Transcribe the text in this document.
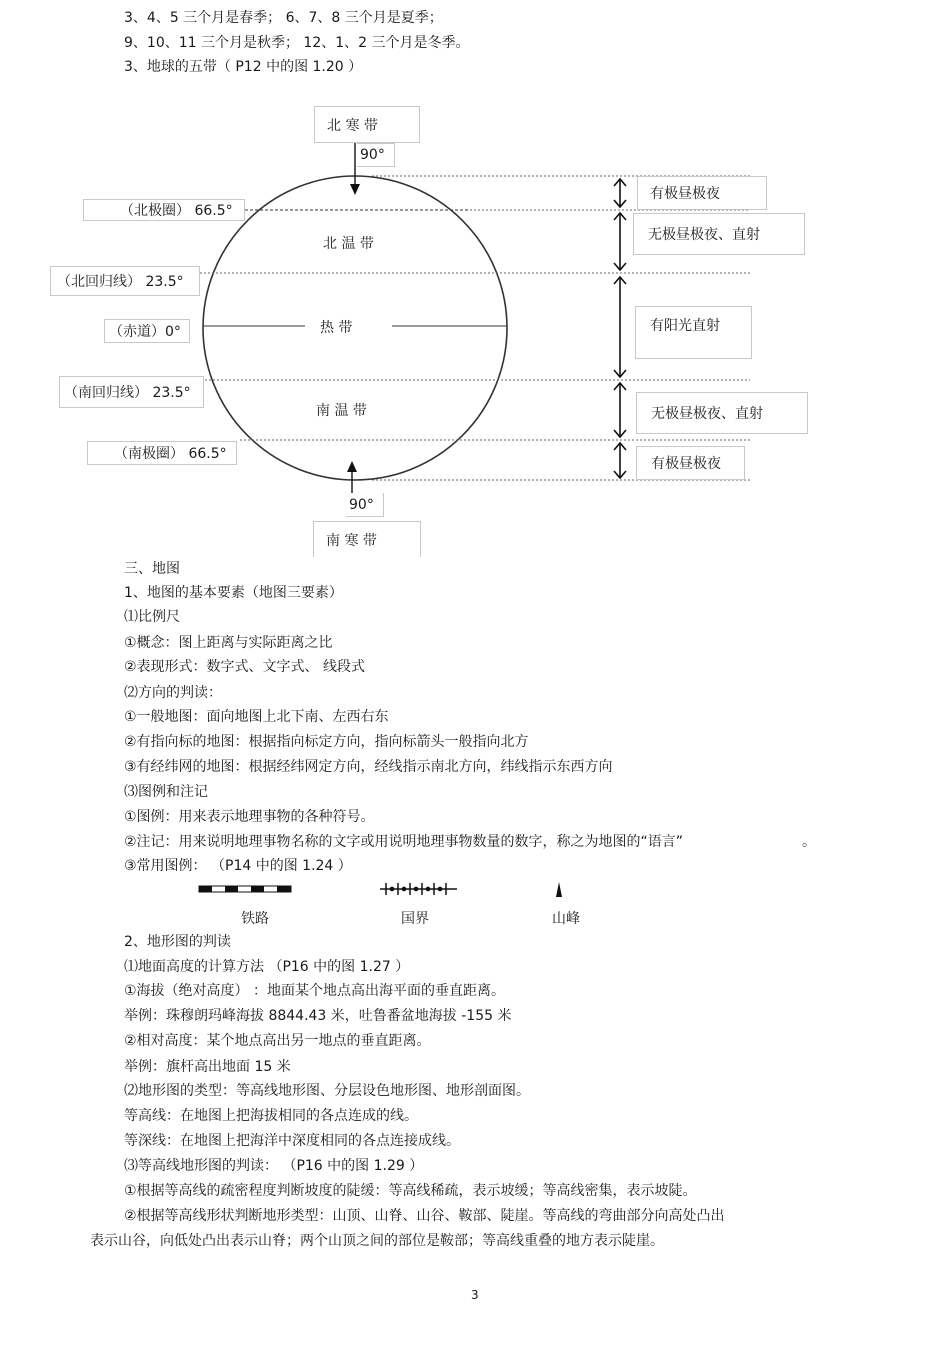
3、4、5 三个月是春季； 6、7、8 三个月是夏季；
9、10、11 三个月是秋季； 12、1、2 三个月是冬季。
3、地球的五带（ P12 中的图 1.20 ）
北 寒 带
90°
北 温 带
热 带
南 温 带
90°
南 寒 带
（北极圈） 66.5°
（北回归线） 23.5°
（赤道）0°
（南回归线） 23.5°
（南极圈） 66.5°
有极昼极夜
无极昼极夜、直射
有阳光直射
无极昼极夜、直射
有极昼极夜
三、地图
1、地图的基本要素（地图三要素）
⑴比例尺
①概念：图上距离与实际距离之比
②表现形式：数字式、文字式、 线段式
⑵方向的判读：
①一般地图：面向地图上北下南、左西右东
②有指向标的地图：根据指向标定方向，指向标箭头一般指向北方
③有经纬网的地图：根据经纬网定方向，经线指示南北方向，纬线指示东西方向
⑶图例和注记
①图例：用来表示地理事物的各种符号。
②注记：用来说明地理事物名称的文字或用说明地理事物数量的数字，称之为地图的“语言”	。
③常用图例： （P14 中的图 1.24 ）
铁路	国界	山峰
2、地形图的判读
⑴地面高度的计算方法 （P16 中的图 1.27 ）
①海拔（绝对高度） ：地面某个地点高出海平面的垂直距离。
举例：珠穆朗玛峰海拔 8844.43 米，吐鲁番盆地海拔 -155 米
②相对高度：某个地点高出另一地点的垂直距离。
举例：旗杆高出地面 15 米
⑵地形图的类型：等高线地形图、分层设色地形图、地形剖面图。
等高线：在地图上把海拔相同的各点连成的线。
等深线：在地图上把海洋中深度相同的各点连接成线。
⑶等高线地形图的判读： （P16 中的图 1.29 ）
①根据等高线的疏密程度判断坡度的陡缓：等高线稀疏，表示坡缓；等高线密集，表示坡陡。
②根据等高线形状判断地形类型：山顶、山脊、山谷、鞍部、陡崖。等高线的弯曲部分向高处凸出
表示山谷，向低处凸出表示山脊；两个山顶之间的部位是鞍部；等高线重叠的地方表示陡崖。
3
